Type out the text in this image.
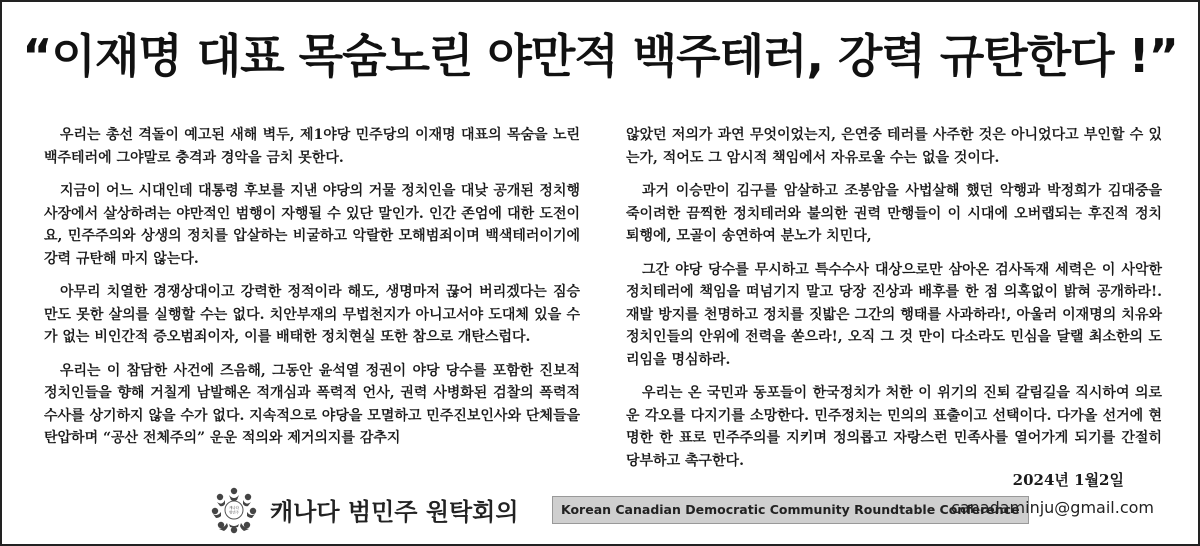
“이재명 대표 목숨노린 야만적 백주테러, 강력 규탄한다 !”

우리는 총선 격돌이 예고된 새해 벽두, 제1야당 민주당의 이재명 대표의 목숨을 노린 백주테러에 그야말로 충격과 경악을 금치 못한다.

지금이 어느 시대인데 대통령 후보를 지낸 야당의 거물 정치인을 대낮 공개된 정치행사장에서 살상하려는 야만적인 범행이 자행될 수 있단 말인가. 인간 존엄에 대한 도전이요, 민주주의와 상생의 정치를 압살하는 비굴하고 악랄한 모해범죄이며 백색테러이기에 강력 규탄해 마지 않는다.

아무리 치열한 경쟁상대이고 강력한 정적이라 해도, 생명마저 끊어 버리겠다는 짐승만도 못한 살의를 실행할 수는 없다. 치안부재의 무법천지가 아니고서야 도대체 있을 수가 없는 비인간적 증오범죄이자, 이를 배태한 정치현실 또한 참으로 개탄스럽다.

우리는 이 참담한 사건에 즈음해, 그동안 윤석열 정권이 야당 당수를 포함한 진보적 정치인들을 향해 거칠게 남발해온 적개심과 폭력적 언사, 권력 사병화된 검찰의 폭력적 수사를 상기하지 않을 수가 없다. 지속적으로 야당을 모멸하고 민주진보인사와 단체들을 탄압하며 “공산 전체주의” 운운 적의와 제거의지를 감추지

않았던 저의가 과연 무엇이었는지, 은연중 테러를 사주한 것은 아니었다고 부인할 수 있는가, 적어도 그 암시적 책임에서 자유로울 수는 없을 것이다.

과거 이승만이 김구를 암살하고 조봉암을 사법살해 했던 악행과 박정희가 김대중을 죽이려한 끔찍한 정치테러와 불의한 권력 만행들이 이 시대에 오버랩되는 후진적 정치 퇴행에, 모골이 송연하여 분노가 치민다,

그간 야당 당수를 무시하고 특수수사 대상으로만 삼아온 검사독재 세력은 이 사악한 정치테러에 책임을 떠넘기지 말고 당장 진상과 배후를 한 점 의혹없이 밝혀 공개하라!. 재발 방지를 천명하고 정치를 짓밟은 그간의 행태를 사과하라!, 아울러 이재명의 치유와 정치인들의 안위에 전력을 쏟으라!, 오직 그 것 만이 다소라도 민심을 달랠 최소한의 도리임을 명심하라.

우리는 온 국민과 동포들이 한국정치가 처한 이 위기의 진퇴 갈림길을 직시하여 의로운 각오를 다지기를 소망한다. 민주정치는 민의의 표출이고 선택이다. 다가올 선거에 현명한 한 표로 민주주의를 지키며 정의롭고 자랑스런 민족사를 열어가게 되기를 간절히 당부하고 촉구한다.

2024년 1월2일
캐나다
범민주 캐나다 범민주 원탁회의	Korean Canadian Democratic Community Roundtable Conference
canadaminju@gmail.com
